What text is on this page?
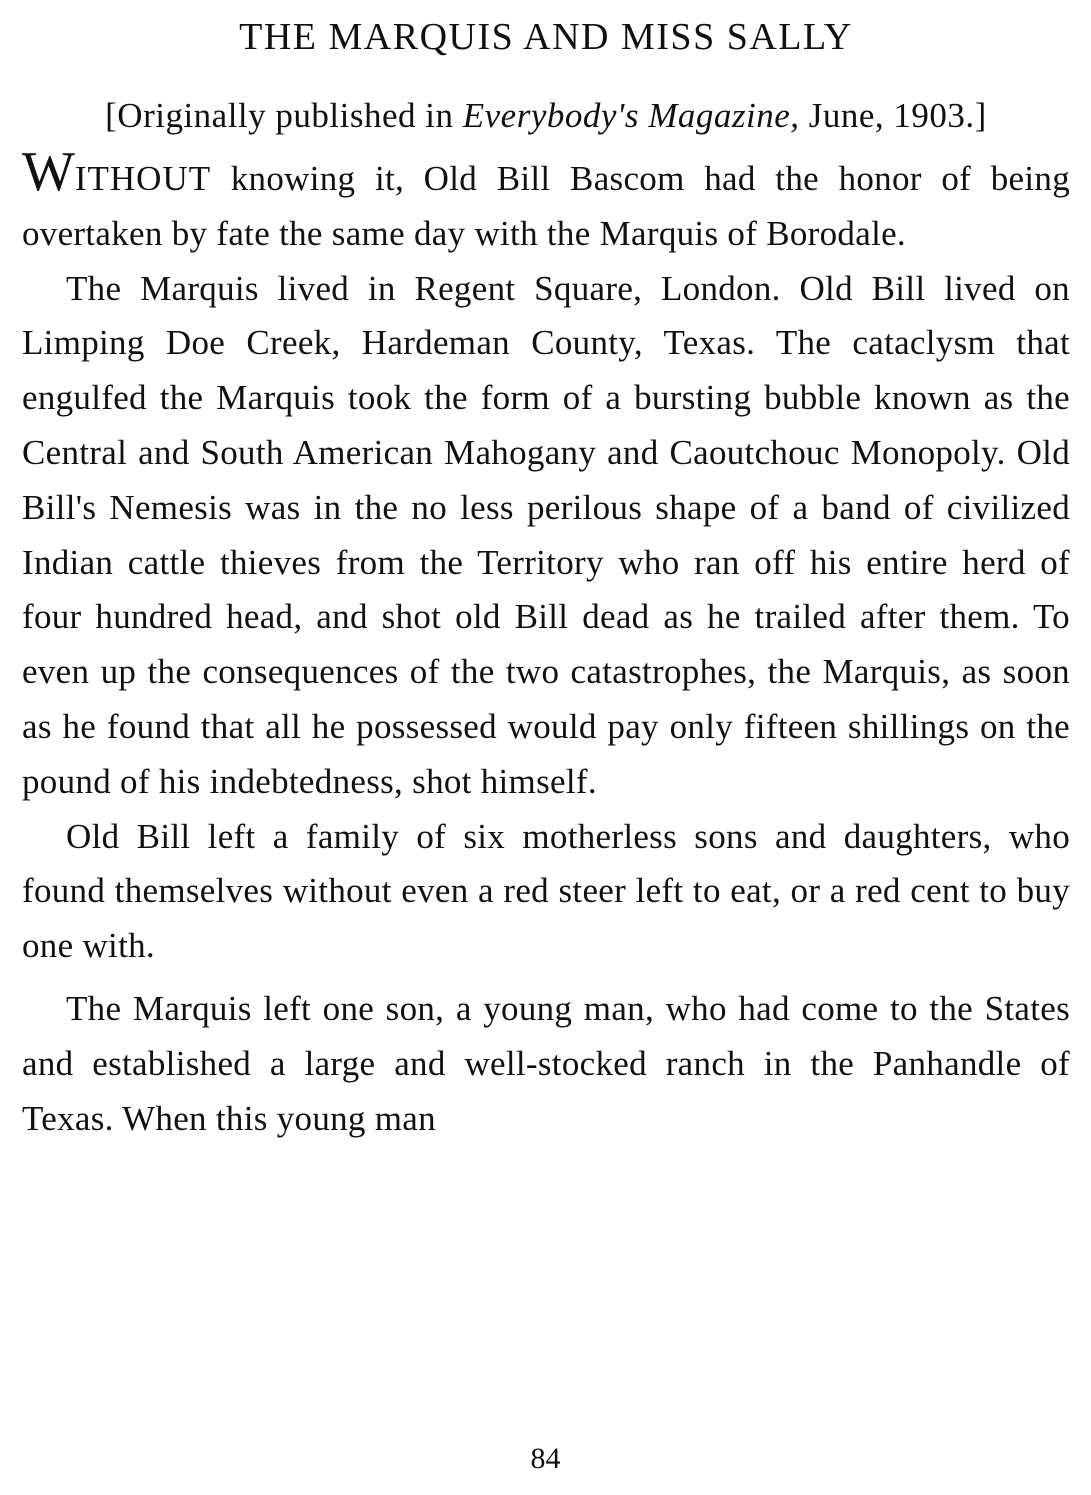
THE MARQUIS AND MISS SALLY

[Originally published in Everybody's Magazine, June, 1903.]

WITHOUT knowing it, Old Bill Bascom had the honor of being overtaken by fate the same day with the Marquis of Borodale.

The Marquis lived in Regent Square, London. Old Bill lived on Limping Doe Creek, Hardeman County, Texas. The cataclysm that engulfed the Marquis took the form of a bursting bubble known as the Central and South American Mahogany and Caoutchouc Monopoly. Old Bill's Nemesis was in the no less perilous shape of a band of civilized Indian cattle thieves from the Territory who ran off his entire herd of four hundred head, and shot old Bill dead as he trailed after them. To even up the consequences of the two catastrophes, the Marquis, as soon as he found that all he possessed would pay only fifteen shillings on the pound of his indebtedness, shot himself.

Old Bill left a family of six motherless sons and daughters, who found themselves without even a red steer left to eat, or a red cent to buy one with.

The Marquis left one son, a young man, who had come to the States and established a large and well-stocked ranch in the Panhandle of Texas. When this young man

84
